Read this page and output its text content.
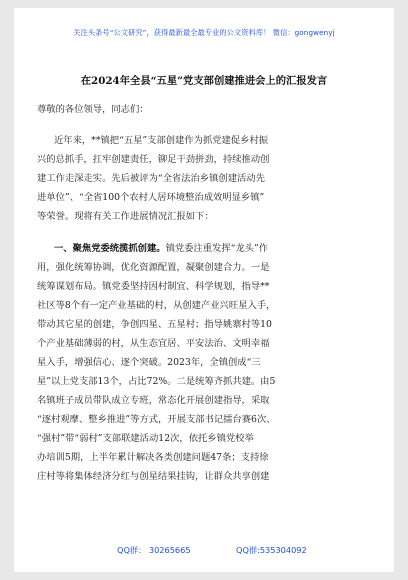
关注头条号“公文研究”，获得最新最全最专业的公文资料库！ 微信：gongwenyj
在2024年全县“五星”党支部创建推进会上的汇报发言
尊敬的各位领导，同志们：
近年来，**镇把“五星”支部创建作为抓党建促乡村振
兴的总抓手，扛牢创建责任，铆足干劲拼劲，持续推动创
建工作走深走实。先后被评为“全省法治乡镇创建活动先
进单位”、“全省100个农村人居环境整治成效明显乡镇”
等荣誉。现将有关工作进展情况汇报如下：
一、聚焦党委统揽抓创建。镇党委注重发挥“龙头”作
用，强化统筹协调，优化资源配置，凝聚创建合力。一是
统筹谋划布局。镇党委坚持因村制宜、科学规划，指导**
社区等8个有一定产业基础的村，从创建产业兴旺星入手，
带动其它星的创建，争创四星、五星村；指导姚寨村等10
个产业基础薄弱的村，从生态宜居、平安法治、文明幸福
星入手，增强信心、逐个突破。2023年，全镇创成“三
星”以上党支部13个，占比72%。二是统筹齐抓共建。由5
名镇班子成员带队成立专班，常态化开展创建指导，采取
“逐村观摩、整乡推进”等方式，开展支部书记擂台赛6次、
“强村”带“弱村”支部联建活动12次，依托乡镇党校举
办培训5期，上半年累计解决各类创建问题47条；支持徐
庄村等将集体经济分红与创星结果挂钩，让群众共享创建
QQ群： 30265665	QQ群:535304092
